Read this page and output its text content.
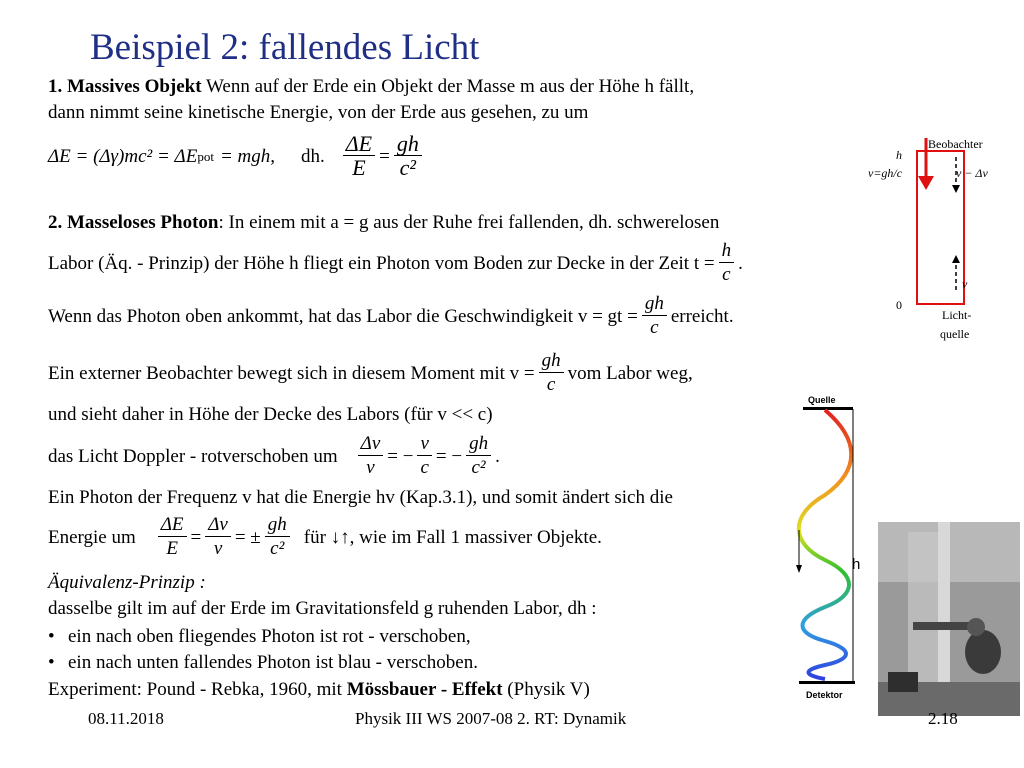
Beispiel 2: fallendes Licht
1. Massives Objekt Wenn auf der Erde ein Objekt der Masse m aus der Höhe h fällt,
dann nimmt seine kinetische Energie, von der Erde aus gesehen, zu um
ΔE = (Δγ)mc² = ΔE pot = mgh, dh. $\frac{\Delta E}{E} = \frac{gh}{\text{c²}}$
2. Masseloses Photon: In einem mit a = g aus der Ruhe frei fallenden, dh. schwerelosen
Labor (Äq. - Prinzip) der Höhe h fliegt ein Photon vom Boden zur Decke in der Zeit $t = \frac{h}{c}$ .
Wenn das Photon oben ankommt, hat das Labor die Geschwindigkeit v = gt = $\frac{gh}{c}$ erreicht.
Ein externer Beobachter bewegt sich in diesem Moment mit $v = \frac{gh}{c}$ vom Labor weg,
und sieht daher in Höhe der Decke des Labors (für v << c)
das Licht Doppler - rotverschoben um $\frac{\Delta v}{v}$ = − $\frac{v}{c}$ = − $\frac{gh}{\text{c²}}$ .
Ein Photon der Frequenz v hat die Energie hv (Kap.3.1), und somit ändert sich die
Energie um $\frac{\Delta E}{E} = \frac{\Delta v}{v}$ = ± $\frac{gh}{\text{c²}}$ für ↓↑, wie im Fall 1 massiver Objekte.
Äquivalenz-Prinzip :
dasselbe gilt im auf der Erde im Gravitationsfeld g ruhenden Labor, dh :
• ein nach oben fliegendes Photon ist rot - verschoben,
• ein nach unten fallendes Photon ist blau - verschoben.
Experiment: Pound - Rebka, 1960, mit Mössbauer - Effekt (Physik V)
Beobachter
h
v=gh/c	v − Δv
v
0
Licht-
quelle
Quelle
Detektor
h
08.11.2018	Physik III WS 2007-08 2. RT: Dynamik	2.18
